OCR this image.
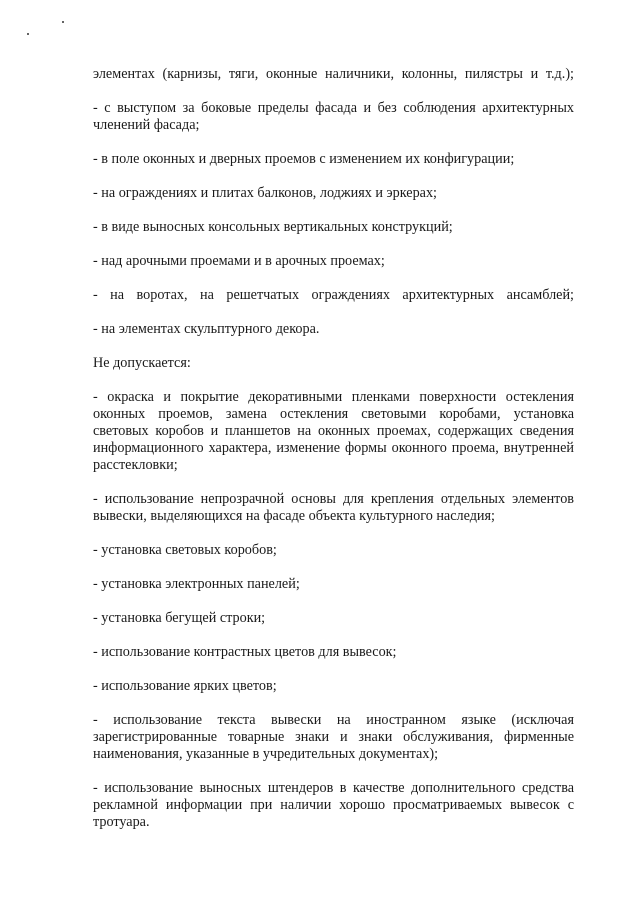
элементах (карнизы, тяги, оконные наличники, колонны, пилястры и т.д.);

- с выступом за боковые пределы фасада и без соблюдения архитектурных членений фасада;

- в поле оконных и дверных проемов с изменением их конфигурации;

- на ограждениях и плитах балконов, лоджиях и эркерах;

- в виде выносных консольных вертикальных конструкций;

- над арочными проемами и в арочных проемах;

- на воротах, на решетчатых ограждениях архитектурных ансамблей;

- на элементах скульптурного декора.

Не допускается:

- окраска и покрытие декоративными пленками поверхности остекления оконных проемов, замена остекления световыми коробами, установка световых коробов и планшетов на оконных проемах, содержащих сведения информационного характера, изменение формы оконного проема, внутренней расстекловки;

- использование непрозрачной основы для крепления отдельных элементов вывески, выделяющихся на фасаде объекта культурного наследия;

- установка световых коробов;

- установка электронных панелей;

- установка бегущей строки;

- использование контрастных цветов для вывесок;

- использование ярких цветов;

- использование текста вывески на иностранном языке (исключая зарегистрированные товарные знаки и знаки обслуживания, фирменные наименования, указанные в учредительных документах);

- использование выносных штендеров в качестве дополнительного средства рекламной информации при наличии хорошо просматриваемых вывесок с тротуара.
